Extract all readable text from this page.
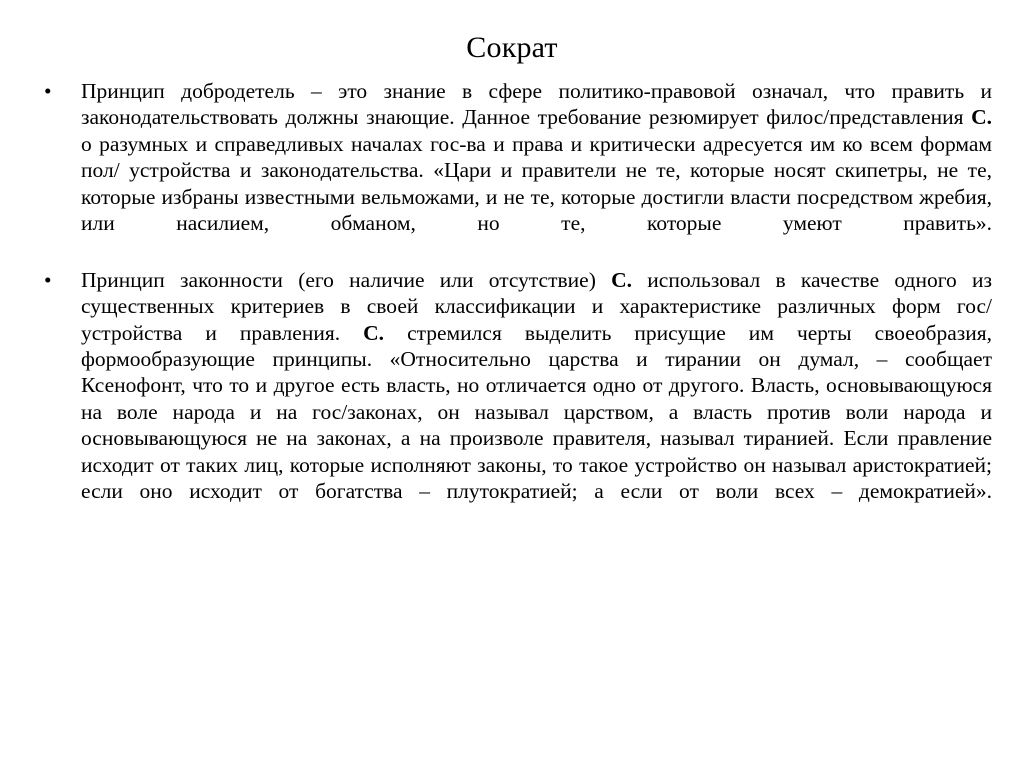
Сократ
•	Принцип добродетель – это знание в сфере политико-правовой означал, что править и законодательствовать должны знающие. Данное требование резюмирует филос/представления С. о разумных и справедливых началах гос-ва и права и критически адресуется им ко всем формам пол/ устройства и законодательства. «Цари и правители не те, которые носят скипетры, не те, которые избраны известными вельможами, и не те, которые достигли власти посредством жребия, или насилием, обманом, но те, которые умеют править».
•	Принцип законности (его наличие или отсутствие) С. использовал в качестве одного из существенных критериев в своей классификации и характеристике различных форм гос/устройства и правления. С. стремился выделить присущие им черты своеобразия, формообразующие принципы. «Относительно царства и тирании он думал, – сообщает Ксенофонт, что то и другое есть власть, но отличается одно от другого. Власть, основывающуюся на воле народа и на гос/законах, он называл царством, а власть против воли народа и основывающуюся не на законах, а на произволе правителя, называл тиранией. Если правление исходит от таких лиц, которые исполняют законы, то такое устройство он называл аристократией; если оно исходит от богатства – плутократией; а если от воли всех – демократией».
